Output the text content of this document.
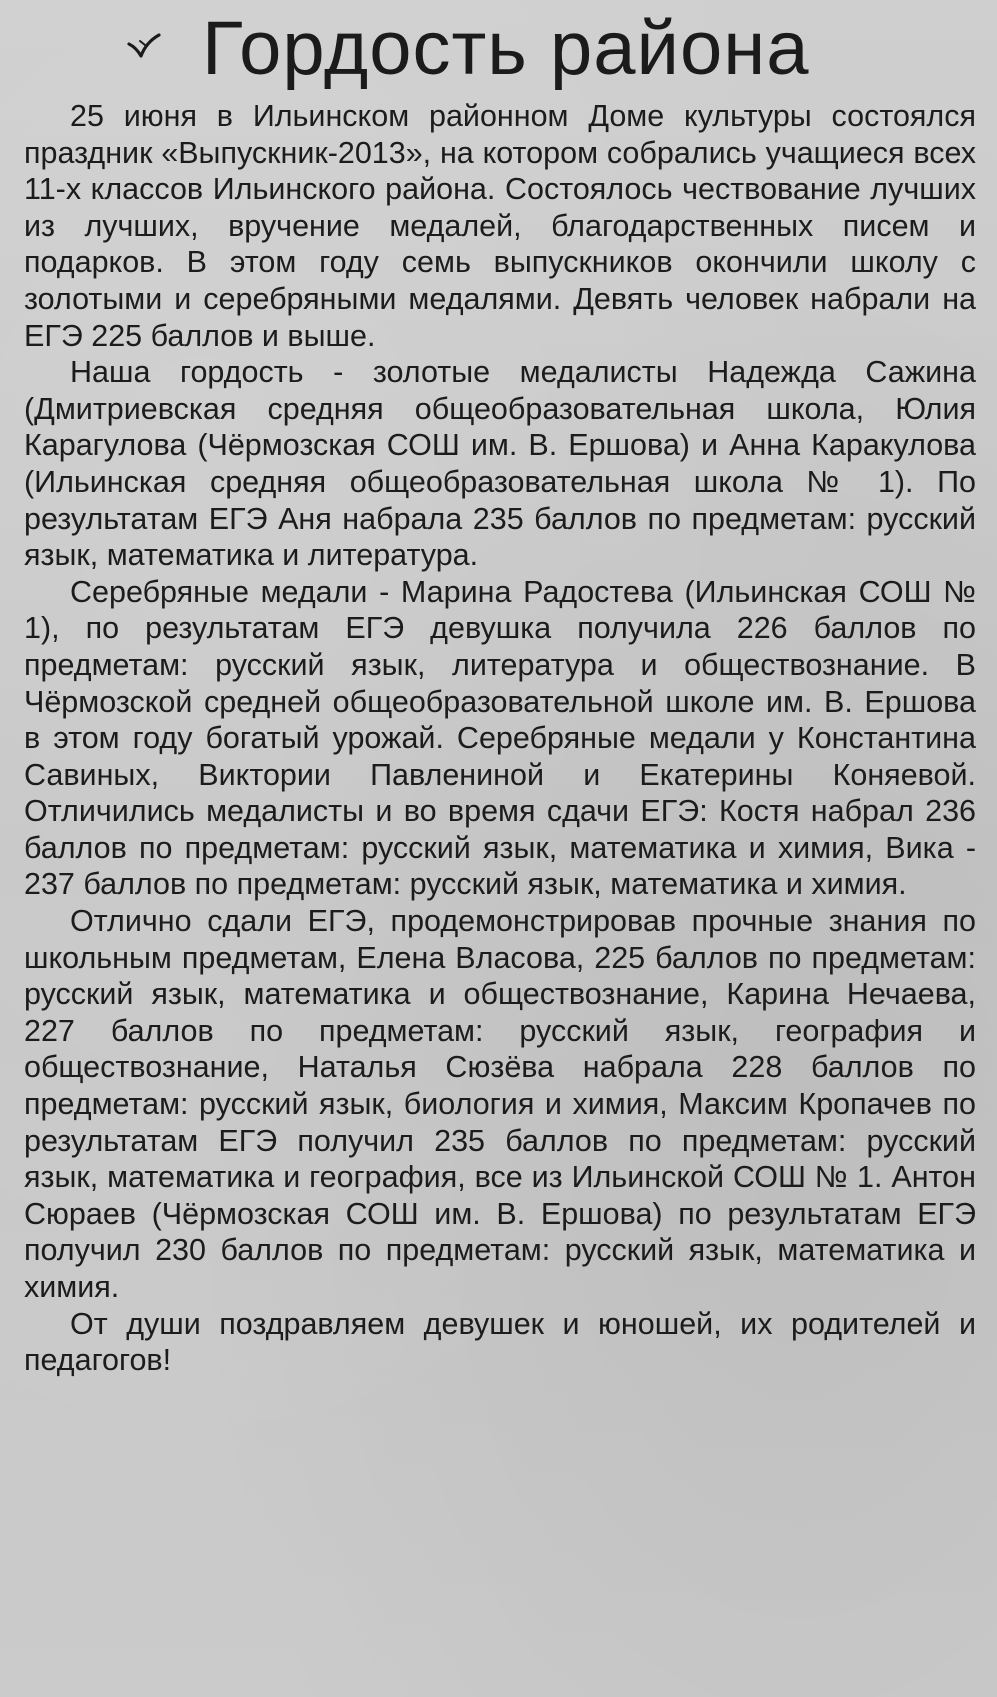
Гордость района

25 июня в Ильинском районном Доме культуры состоялся праздник «Выпускник-2013», на котором собрались учащиеся всех 11-х классов Ильинского района. Состоялось чествование лучших из лучших, вручение медалей, благодарственных писем и подарков. В этом году семь выпускников окончили школу с золотыми и серебряными медалями. Девять человек набрали на ЕГЭ 225 баллов и выше.

Наша гордость - золотые медалисты Надежда Сажина (Дмитриевская средняя общеобразовательная школа, Юлия Карагулова (Чёрмозская СОШ им. В. Ершова) и Анна Каракулова (Ильинская средняя общеобразовательная школа № 1). По результатам ЕГЭ Аня набрала 235 баллов по предметам: русский язык, математика и литература.

Серебряные медали - Марина Радостева (Ильинская СОШ № 1), по результатам ЕГЭ девушка получила 226 баллов по предметам: русский язык, литература и обществознание. В Чёрмозской средней общеобразовательной школе им. В. Ершова в этом году богатый урожай. Серебряные медали у Константина Савиных, Виктории Павлениной и Екатерины Коняевой. Отличились медалисты и во время сдачи ЕГЭ: Костя набрал 236 баллов по предметам: русский язык, математика и химия, Вика - 237 баллов по предметам: русский язык, математика и химия.

Отлично сдали ЕГЭ, продемонстрировав прочные знания по школьным предметам, Елена Власова, 225 баллов по предметам: русский язык, математика и обществознание, Карина Нечаева, 227 баллов по предметам: русский язык, география и обществознание, Наталья Сюзёва набрала 228 баллов по предметам: русский язык, биология и химия, Максим Кропачев по результатам ЕГЭ получил 235 баллов по предметам: русский язык, математика и география, все из Ильинской СОШ № 1. Антон Сюраев (Чёрмозская СОШ им. В. Ершова) по результатам ЕГЭ получил 230 баллов по предметам: русский язык, математика и химия.

От души поздравляем девушек и юношей, их родителей и педагогов!
